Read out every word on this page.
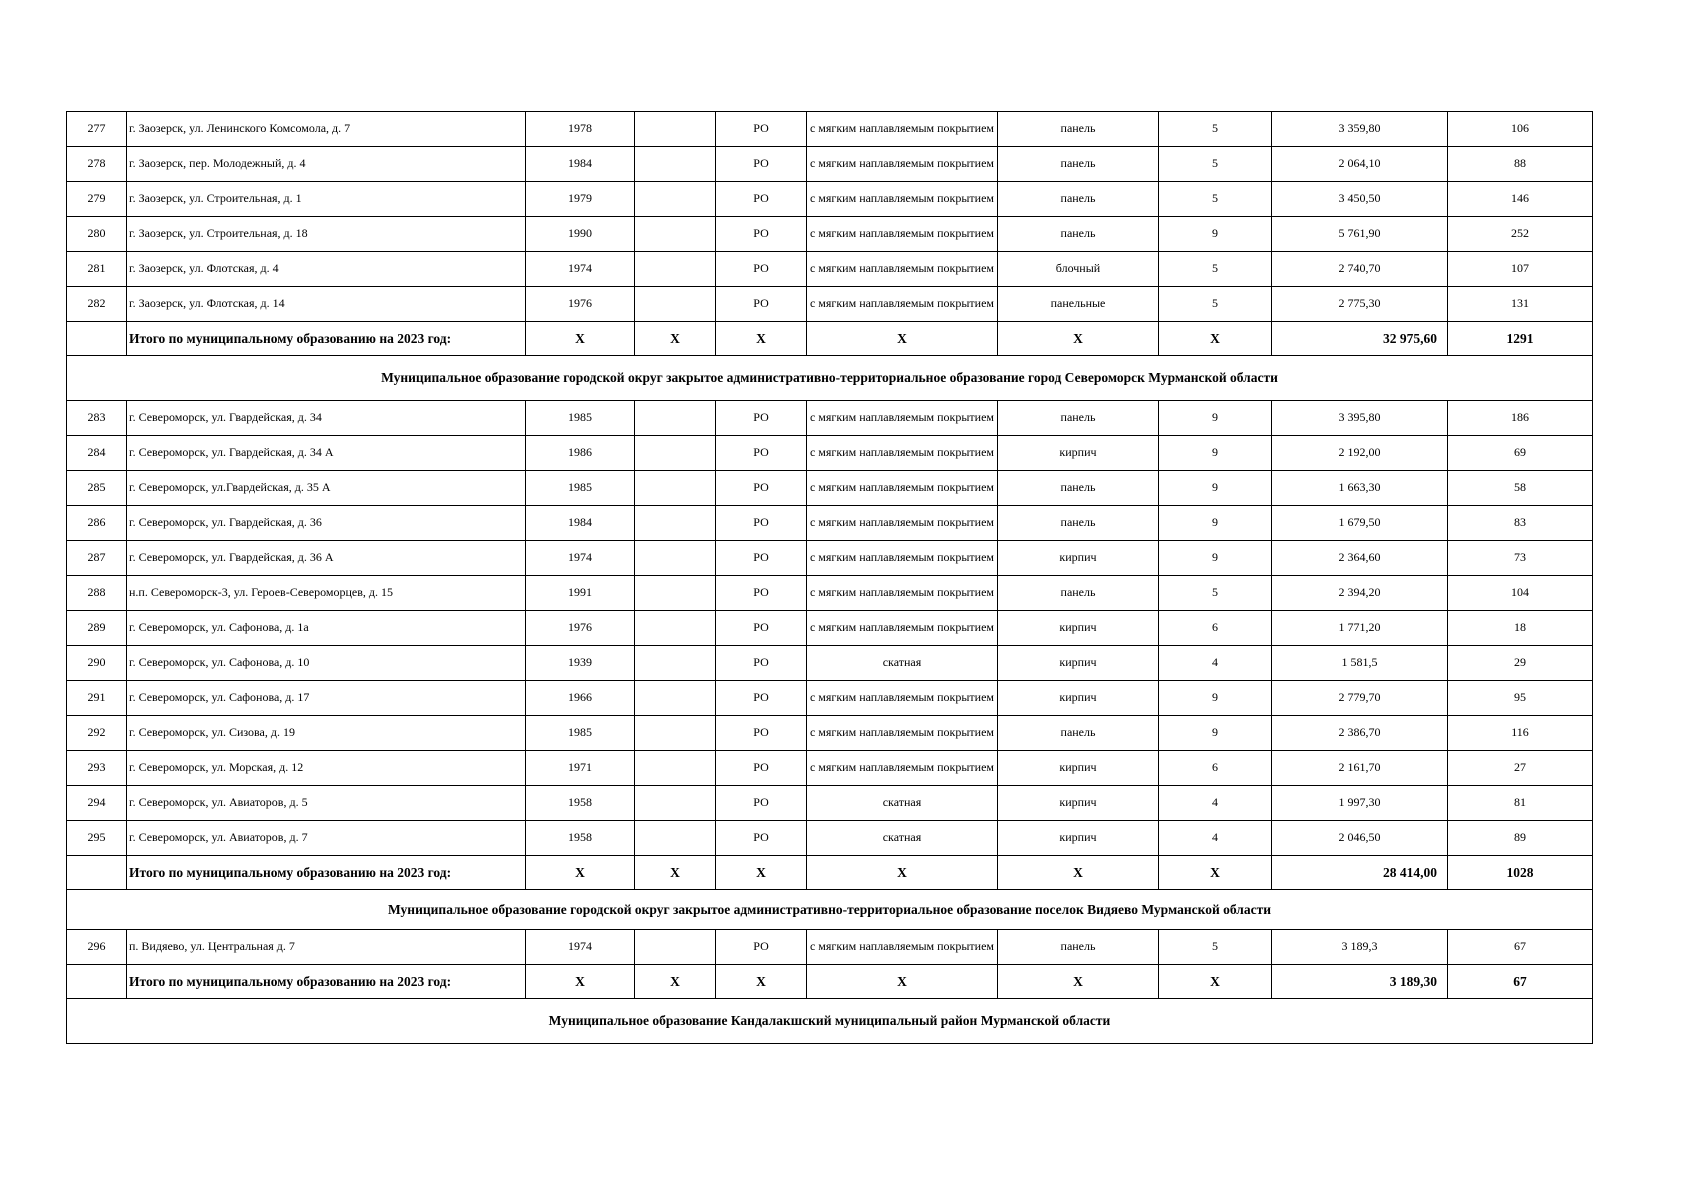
277	г. Заозерск, ул. Ленинского Комсомола, д. 7	1978		РО	с мягким наплавляемым покрытием	панель	5	3 359,80	106
278	г. Заозерск, пер. Молодежный, д. 4	1984		РО	с мягким наплавляемым покрытием	панель	5	2 064,10	88
279	г. Заозерск, ул. Строительная, д. 1	1979		РО	с мягким наплавляемым покрытием	панель	5	3 450,50	146
280	г. Заозерск, ул. Строительная, д. 18	1990		РО	с мягким наплавляемым покрытием	панель	9	5 761,90	252
281	г. Заозерск, ул. Флотская, д. 4	1974		РО	с мягким наплавляемым покрытием	блочный	5	2 740,70	107
282	г. Заозерск, ул. Флотская, д. 14	1976		РО	с мягким наплавляемым покрытием	панельные	5	2 775,30	131
	Итого по муниципальному образованию на 2023 год:	X	X	X	X	X	X	32 975,60	1291
Муниципальное образование городской округ закрытое административно-территориальное образование город Североморск Мурманской области									
283	г. Североморск, ул. Гвардейская, д. 34	1985		РО	с мягким наплавляемым покрытием	панель	9	3 395,80	186
284	г. Североморск, ул. Гвардейская, д. 34 А	1986		РО	с мягким наплавляемым покрытием	кирпич	9	2 192,00	69
285	г. Североморск, ул.Гвардейская, д. 35 А	1985		РО	с мягким наплавляемым покрытием	панель	9	1 663,30	58
286	г. Североморск, ул. Гвардейская, д. 36	1984		РО	с мягким наплавляемым покрытием	панель	9	1 679,50	83
287	г. Североморск, ул. Гвардейская, д. 36 А	1974		РО	с мягким наплавляемым покрытием	кирпич	9	2 364,60	73
288	н.п. Североморск-3, ул. Героев-Североморцев, д. 15	1991		РО	с мягким наплавляемым покрытием	панель	5	2 394,20	104
289	г. Североморск, ул. Сафонова, д. 1а	1976		РО	с мягким наплавляемым покрытием	кирпич	6	1 771,20	18
290	г. Североморск, ул. Сафонова, д. 10	1939		РО	скатная	кирпич	4	1 581,5	29
291	г. Североморск, ул. Сафонова, д. 17	1966		РО	с мягким наплавляемым покрытием	кирпич	9	2 779,70	95
292	г. Североморск, ул. Сизова, д. 19	1985		РО	с мягким наплавляемым покрытием	панель	9	2 386,70	116
293	г. Североморск, ул. Морская, д. 12	1971		РО	с мягким наплавляемым покрытием	кирпич	6	2 161,70	27
294	г. Североморск, ул. Авиаторов, д. 5	1958		РО	скатная	кирпич	4	1 997,30	81
295	г. Североморск, ул. Авиаторов, д. 7	1958		РО	скатная	кирпич	4	2 046,50	89
	Итого по муниципальному образованию на 2023 год:	X	X	X	X	X	X	28 414,00	1028
Муниципальное образование городской округ закрытое административно-территориальное образование поселок Видяево Мурманской области									
296	п. Видяево, ул. Центральная д. 7	1974		РО	с мягким наплавляемым покрытием	панель	5	3 189,3	67
	Итого по муниципальному образованию на 2023 год:	X	X	X	X	X	X	3 189,30	67
Муниципальное образование Кандалакшский муниципальный район Мурманской области									
